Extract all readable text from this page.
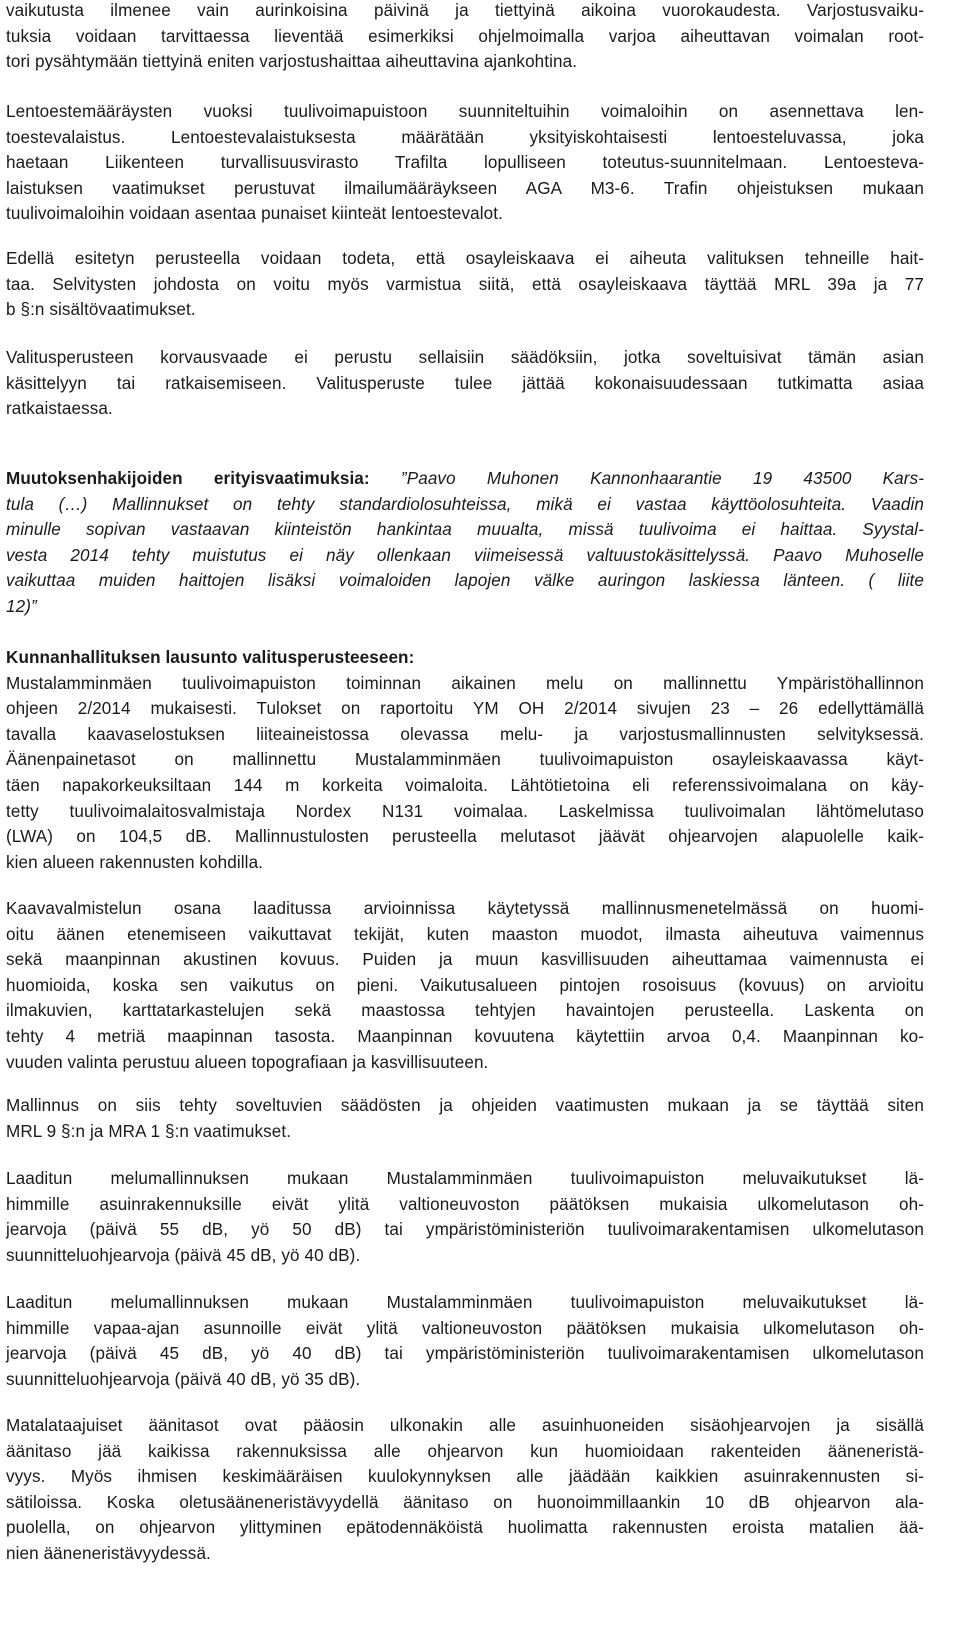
vaikutusta ilmenee vain aurinkoisina päivinä ja tiettyinä aikoina vuorokaudesta. Varjostusvaiku-
tuksia voidaan tarvittaessa lieventää esimerkiksi ohjelmoimalla varjoa aiheuttavan voimalan root-
tori pysähtymään tiettyinä eniten varjostushaittaa aiheuttavina ajankohtina.

Lentoestemääräysten vuoksi tuulivoimapuistoon suunniteltuihin voimaloihin on asennettava len-
toestevalaistus. Lentoestevalaistuksesta määrätään yksityiskohtaisesti lentoesteluvassa, joka
haetaan Liikenteen turvallisuusvirasto Trafilta lopulliseen toteutus-suunnitelmaan. Lentoesteva-
laistuksen vaatimukset perustuvat ilmailumääräykseen AGA M3-6. Trafin ohjeistuksen mukaan
tuulivoimaloihin voidaan asentaa punaiset kiinteät lentoestevalot.

Edellä esitetyn perusteella voidaan todeta, että osayleiskaava ei aiheuta valituksen tehneille hait-
taa. Selvitysten johdosta on voitu myös varmistua siitä, että osayleiskaava täyttää MRL 39a ja 77
b §:n sisältövaatimukset.

Valitusperusteen korvausvaade ei perustu sellaisiin säädöksiin, jotka soveltuisivat tämän asian
käsittelyyn tai ratkaisemiseen. Valitusperuste tulee jättää kokonaisuudessaan tutkimatta asiaa
ratkaistaessa.

Muutoksenhakijoiden erityisvaatimuksia: ”Paavo Muhonen Kannonhaarantie 19 43500 Kars-
tula (…) Mallinnukset on tehty standardiolosuhteissa, mikä ei vastaa käyttöolosuhteita. Vaadin
minulle sopivan vastaavan kiinteistön hankintaa muualta, missä tuulivoima ei haittaa. Syystal-
vesta 2014 tehty muistutus ei näy ollenkaan viimeisessä valtuustokäsittelyssä. Paavo Muhoselle
vaikuttaa muiden haittojen lisäksi voimaloiden lapojen välke auringon laskiessa länteen. ( liite
12)”

Kunnanhallituksen lausunto valitusperusteeseen:
Mustalamminmäen tuulivoimapuiston toiminnan aikainen melu on mallinnettu Ympäristöhallinnon
ohjeen 2/2014 mukaisesti. Tulokset on raportoitu YM OH 2/2014 sivujen 23 – 26 edellyttämällä
tavalla kaavaselostuksen liiteaineistossa olevassa melu- ja varjostusmallinnusten selvityksessä.
Äänenpainetasot on mallinnettu Mustalamminmäen tuulivoimapuiston osayleiskaavassa käyt-
täen napakorkeuksiltaan 144 m korkeita voimaloita. Lähtötietoina eli referenssivoimalana on käy-
tetty tuulivoimalaitosvalmistaja Nordex N131 voimalaa. Laskelmissa tuulivoimalan lähtömelutaso
(LWA) on 104,5 dB. Mallinnustulosten perusteella melutasot jäävät ohjearvojen alapuolelle kaik-
kien alueen rakennusten kohdilla.

Kaavavalmistelun osana laaditussa arvioinnissa käytetyssä mallinnusmenetelmässä on huomi-
oitu äänen etenemiseen vaikuttavat tekijät, kuten maaston muodot, ilmasta aiheutuva vaimennus
sekä maanpinnan akustinen kovuus. Puiden ja muun kasvillisuuden aiheuttamaa vaimennusta ei
huomioida, koska sen vaikutus on pieni. Vaikutusalueen pintojen rosoisuus (kovuus) on arvioitu
ilmakuvien, karttatarkastelujen sekä maastossa tehtyjen havaintojen perusteella. Laskenta on
tehty 4 metriä maapinnan tasosta. Maanpinnan kovuutena käytettiin arvoa 0,4. Maanpinnan ko-
vuuden valinta perustuu alueen topografiaan ja kasvillisuuteen.

Mallinnus on siis tehty soveltuvien säädösten ja ohjeiden vaatimusten mukaan ja se täyttää siten
MRL 9 §:n ja MRA 1 §:n vaatimukset.

Laaditun melumallinnuksen mukaan Mustalamminmäen tuulivoimapuiston meluvaikutukset lä-
himmille asuinrakennuksille eivät ylitä valtioneuvoston päätöksen mukaisia ulkomelutason oh-
jearvoja (päivä 55 dB, yö 50 dB) tai ympäristöministeriön tuulivoimarakentamisen ulkomelutason
suunnitteluohjearvoja (päivä 45 dB, yö 40 dB).

Laaditun melumallinnuksen mukaan Mustalamminmäen tuulivoimapuiston meluvaikutukset lä-
himmille vapaa-ajan asunnoille eivät ylitä valtioneuvoston päätöksen mukaisia ulkomelutason oh-
jearvoja (päivä 45 dB, yö 40 dB) tai ympäristöministeriön tuulivoimarakentamisen ulkomelutason
suunnitteluohjearvoja (päivä 40 dB, yö 35 dB).

Matalataajuiset äänitasot ovat pääosin ulkonakin alle asuinhuoneiden sisäohjearvojen ja sisällä
äänitaso jää kaikissa rakennuksissa alle ohjearvon kun huomioidaan rakenteiden ääneneristä-
vyys. Myös ihmisen keskimääräisen kuulokynnyksen alle jäädään kaikkien asuinrakennusten si-
sätiloissa. Koska oletusääneneristävyydellä äänitaso on huonoimmillaankin 10 dB ohjearvon ala-
puolella, on ohjearvon ylittyminen epätodennäköistä huolimatta rakennusten eroista matalien ää-
nien ääneneristävyydessä.
